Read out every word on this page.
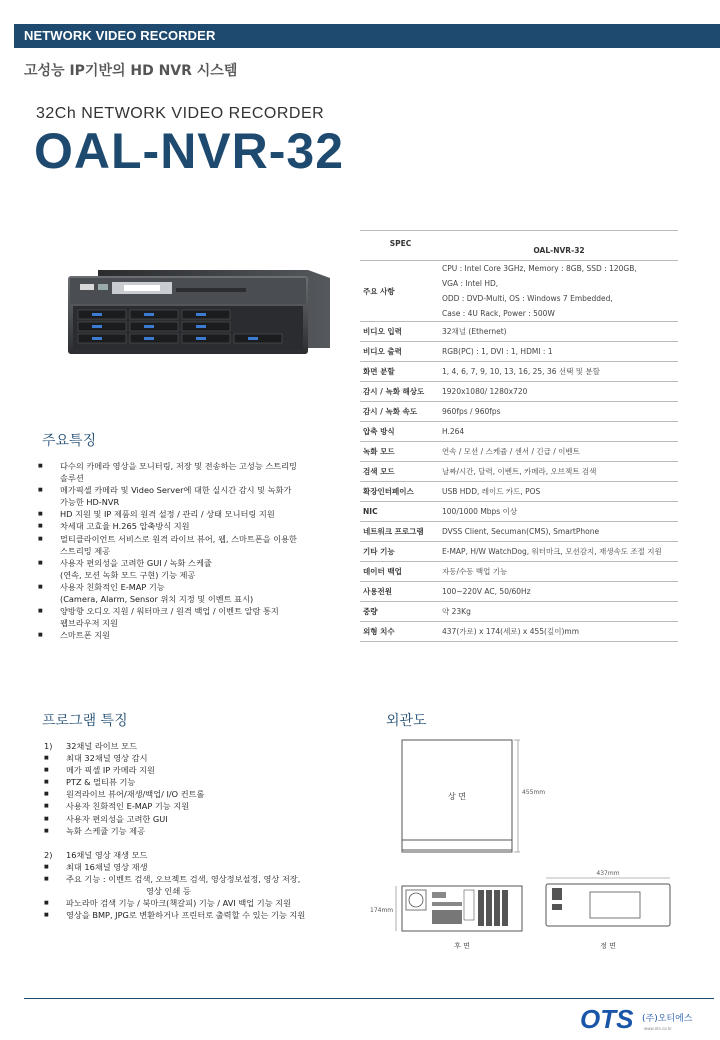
NETWORK VIDEO RECORDER
고성능 IP기반의 HD NVR 시스템
32Ch NETWORK VIDEO RECORDER
OAL-NVR-32
SPEC	OAL-NVR-32
주요 사항	CPU : Intel Core 3GHz, Memory : 8GB, SSD : 120GB,
VGA : Intel HD,
ODD : DVD-Multi, OS : Windows 7 Embedded,
Case : 4U Rack, Power : 500W
비디오 입력	32채널 (Ethernet)
비디오 출력	RGB(PC) : 1, DVI : 1, HDMI : 1
화면 분할	1, 4, 6, 7, 9, 10, 13, 16, 25, 36 선택 및 분할
감시 / 녹화 해상도	1920x1080/ 1280x720
감시 / 녹화 속도	960fps / 960fps
압축 방식	H.264
녹화 모드	연속 / 모션 / 스케쥴 / 센서 / 긴급 / 이벤트
검색 모드	날짜/시간, 달력, 이벤트, 카메라, 오브젝트 검색
확장인터페이스	USB HDD, 레이드 카드, POS
NIC	100/1000 Mbps 이상
네트워크 프로그램	DVSS Client, Secuman(CMS), SmartPhone
기타 기능	E-MAP, H/W WatchDog, 워터마크, 모션감지, 재생속도 조절 지원
데이터 백업	자동/수동 백업 기능
사용전원	100~220V AC, 50/60Hz
중량	약 23Kg
외형 치수	437(가로) x 174(세로) x 455(깊이)mm
주요특징
■ 다수의 카메라 영상을 모니터링, 저장 및 전송하는 고성능 스트리밍
솔루션
■ 메가픽셀 카메라 및 Video Server에 대한 실시간 감시 및 녹화가
가능한 HD-NVR
■ HD 지원 및 IP 제품의 원격 설정 / 관리 / 상태 모니터링 지원
■ 차세대 고효율 H.265 압축방식 지원
■ 멀티클라이언트 서비스로 원격 라이브 뷰어, 웹, 스마트폰을 이용한
스트리밍 제공
■ 사용자 편의성을 고려한 GUI / 녹화 스케쥴
(연속, 모션 녹화 모드 구현) 기능 제공
■ 사용자 친화적인 E-MAP 기능
(Camera, Alarm, Sensor 위치 지정 및 이벤트 표시)
■ 양방향 오디오 지원 / 워터마크 / 원격 백업 / 이벤트 알람 통지
웹브라우저 지원
■ 스마트폰 지원
프로그램 특징
1) 32채널 라이브 모드
■ 최대 32채널 영상 감시
■ 메가 픽셀 IP 카메라 지원
■ PTZ & 멀티뷰 기능
■ 원격라이브 뷰어/재생/백업/ I/O 컨트롤
■ 사용자 친화적인 E-MAP 기능 지원
■ 사용자 편의성을 고려한 GUI
■ 녹화 스케쥴 기능 제공
2) 16채널 영상 재생 모드
■ 최대 16채널 영상 재생
■ 주요 기능 : 이벤트 검색, 오브젝트 검색, 영상정보설정, 영상 저장,
영상 인쇄 등
■ 파노라마 검색 기능 / 북마크(책갈피) 기능 / AVI 백업 기능 지원
■ 영상을 BMP, JPG로 변환하거나 프린터로 출력할 수 있는 기능 지원
외관도
상 면	455mm
174mm
후 면
437mm
정 면
OTS (주)오티에스
www.ots.co.kr
